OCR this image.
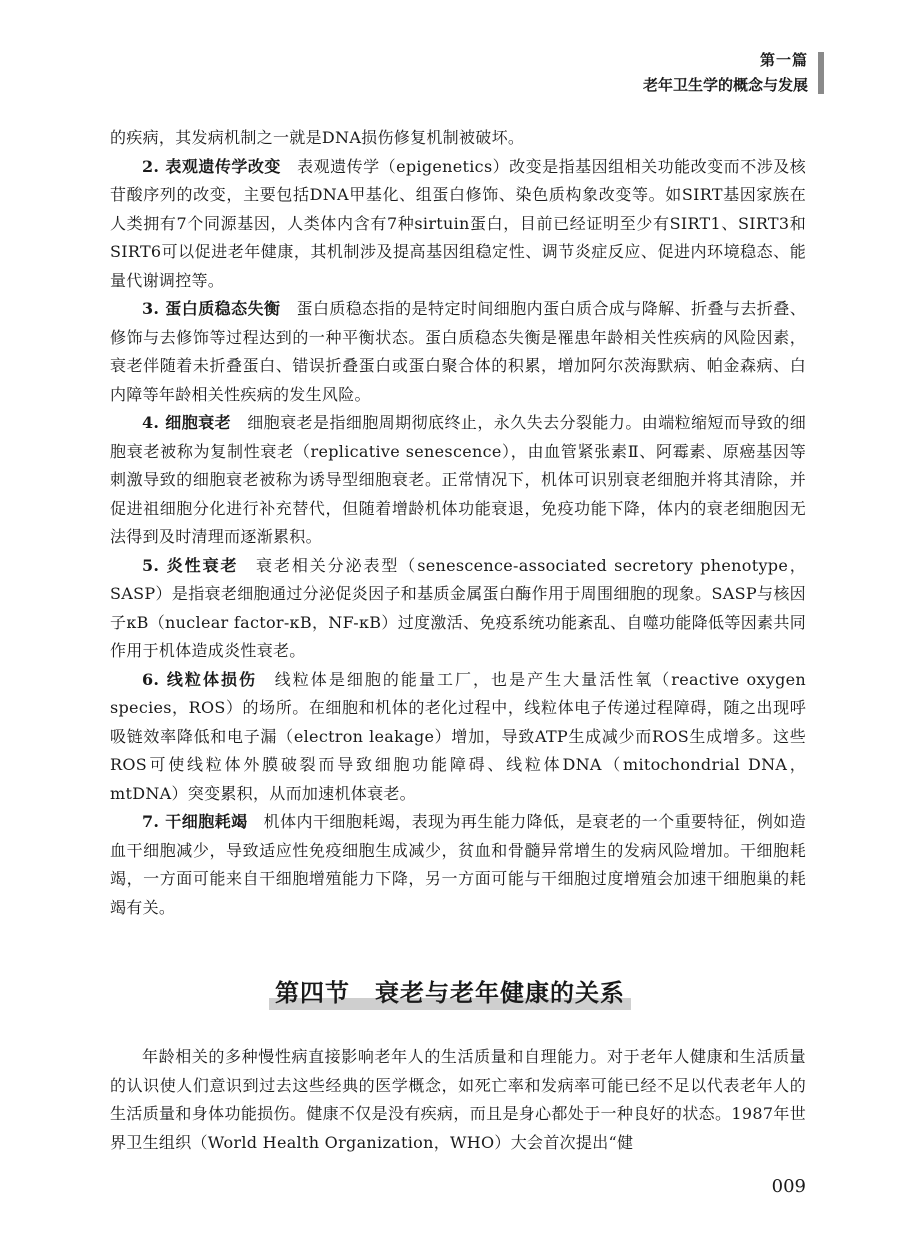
第一篇
老年卫生学的概念与发展

的疾病，其发病机制之一就是DNA损伤修复机制被破坏。

2. 表观遗传学改变 表观遗传学（epigenetics）改变是指基因组相关功能改变而不涉及核苷酸序列的改变，主要包括DNA甲基化、组蛋白修饰、染色质构象改变等。如SIRT基因家族在人类拥有7个同源基因，人类体内含有7种sirtuin蛋白，目前已经证明至少有SIRT1、SIRT3和SIRT6可以促进老年健康，其机制涉及提高基因组稳定性、调节炎症反应、促进内环境稳态、能量代谢调控等。

3. 蛋白质稳态失衡 蛋白质稳态指的是特定时间细胞内蛋白质合成与降解、折叠与去折叠、修饰与去修饰等过程达到的一种平衡状态。蛋白质稳态失衡是罹患年龄相关性疾病的风险因素，衰老伴随着未折叠蛋白、错误折叠蛋白或蛋白聚合体的积累，增加阿尔茨海默病、帕金森病、白内障等年龄相关性疾病的发生风险。

4. 细胞衰老 细胞衰老是指细胞周期彻底终止，永久失去分裂能力。由端粒缩短而导致的细胞衰老被称为复制性衰老（replicative senescence），由血管紧张素Ⅱ、阿霉素、原癌基因等刺激导致的细胞衰老被称为诱导型细胞衰老。正常情况下，机体可识别衰老细胞并将其清除，并促进祖细胞分化进行补充替代，但随着增龄机体功能衰退，免疫功能下降，体内的衰老细胞因无法得到及时清理而逐渐累积。

5. 炎性衰老 衰老相关分泌表型（senescence-associated secretory phenotype，SASP）是指衰老细胞通过分泌促炎因子和基质金属蛋白酶作用于周围细胞的现象。SASP与核因子κB（nuclear factor-κB，NF-κB）过度激活、免疫系统功能紊乱、自噬功能降低等因素共同作用于机体造成炎性衰老。

6. 线粒体损伤 线粒体是细胞的能量工厂，也是产生大量活性氧（reactive oxygen species，ROS）的场所。在细胞和机体的老化过程中，线粒体电子传递过程障碍，随之出现呼吸链效率降低和电子漏（electron leakage）增加，导致ATP生成减少而ROS生成增多。这些ROS可使线粒体外膜破裂而导致细胞功能障碍、线粒体DNA（mitochondrial DNA，mtDNA）突变累积，从而加速机体衰老。

7. 干细胞耗竭 机体内干细胞耗竭，表现为再生能力降低，是衰老的一个重要特征，例如造血干细胞减少，导致适应性免疫细胞生成减少，贫血和骨髓异常增生的发病风险增加。干细胞耗竭，一方面可能来自干细胞增殖能力下降，另一方面可能与干细胞过度增殖会加速干细胞巢的耗竭有关。

第四节　衰老与老年健康的关系

年龄相关的多种慢性病直接影响老年人的生活质量和自理能力。对于老年人健康和生活质量的认识使人们意识到过去这些经典的医学概念，如死亡率和发病率可能已经不足以代表老年人的生活质量和身体功能损伤。健康不仅是没有疾病，而且是身心都处于一种良好的状态。1987年世界卫生组织（World Health Organization，WHO）大会首次提出“健

009
